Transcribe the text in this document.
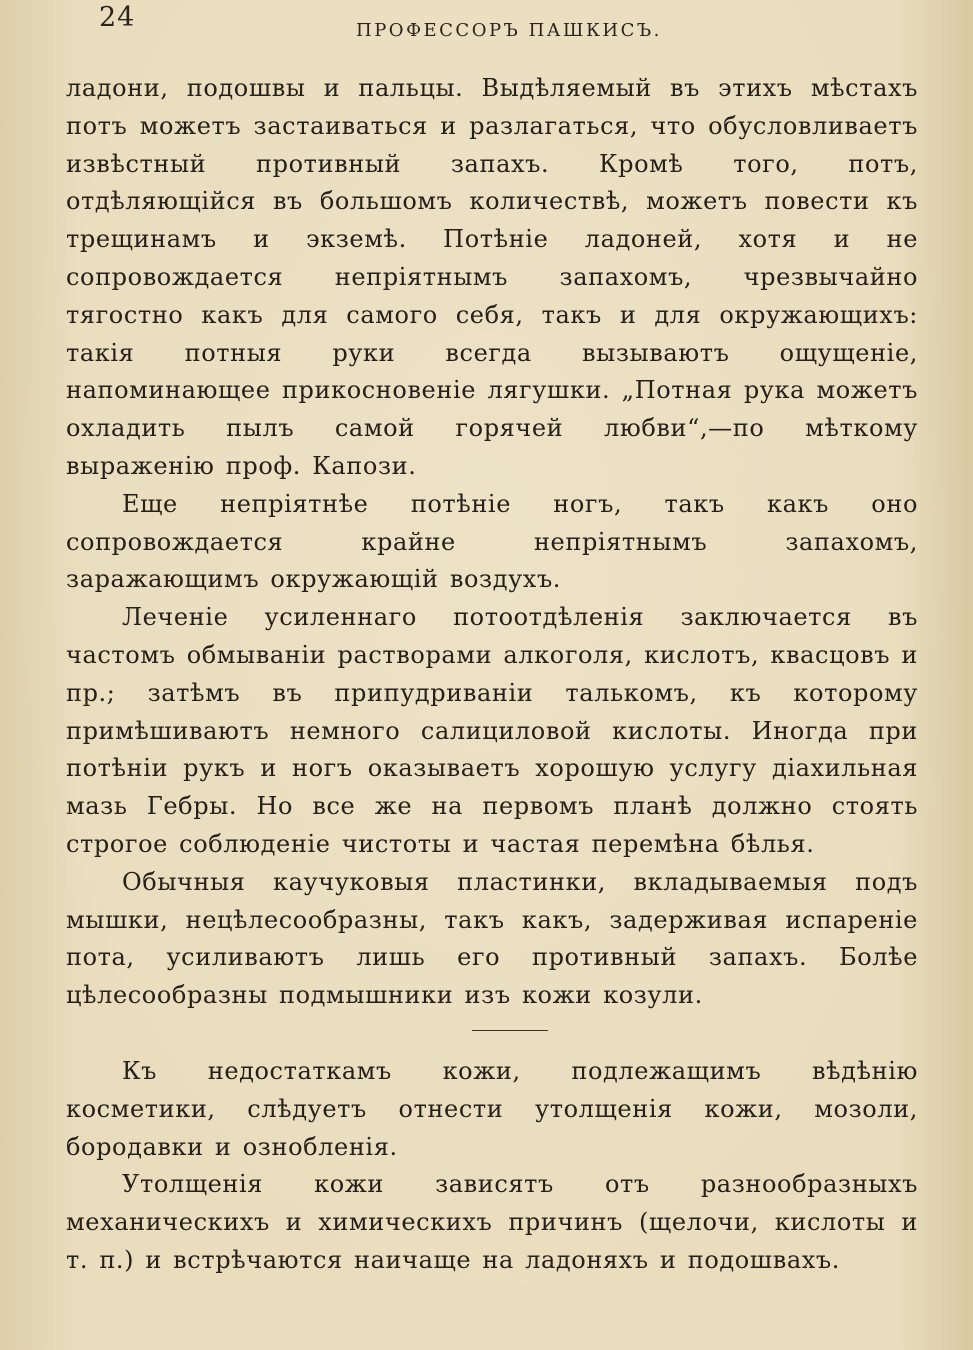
24	ПРОФЕССОРЪ ПАШКИСЪ.

ладони, подошвы и пальцы. Выдѣляемый въ этихъ мѣстахъ потъ можетъ застаиваться и разлагаться, что обусловливаетъ извѣстный противный запахъ. Кромѣ того, потъ, отдѣляющійся въ большомъ количествѣ, можетъ повести къ трещинамъ и экземѣ. Потѣніе ладоней, хотя и не сопровождается непріятнымъ запахомъ, чрезвычайно тягостно какъ для самого себя, такъ и для окружающихъ: такія потныя руки всегда вызываютъ ощущеніе, напоминающее прикосновеніе лягушки. „Потная рука можетъ охладить пылъ самой горячей любви“,—по мѣткому выраженію проф. Капози.

Еще непріятнѣе потѣніе ногъ, такъ какъ оно сопровождается крайне непріятнымъ запахомъ, заражающимъ окружающій воздухъ.

Леченіе усиленнаго потоотдѣленія заключается въ частомъ обмываніи растворами алкоголя, кислотъ, квасцовъ и пр.; затѣмъ въ припудриваніи талькомъ, къ которому примѣшиваютъ немного салициловой кислоты. Иногда при потѣніи рукъ и ногъ оказываетъ хорошую услугу діахильная мазь Гебры. Но все же на первомъ планѣ должно стоять строгое соблюденіе чистоты и частая перемѣна бѣлья.

Обычныя каучуковыя пластинки, вкладываемыя подъ мышки, нецѣлесообразны, такъ какъ, задерживая испареніе пота, усиливаютъ лишь его противный запахъ. Болѣе цѣлесообразны подмышники изъ кожи козули.

Къ недостаткамъ кожи, подлежащимъ вѣдѣнію косметики, слѣдуетъ отнести утолщенія кожи, мозоли, бородавки и ознобленія.

Утолщенія кожи зависятъ отъ разнообразныхъ механическихъ и химическихъ причинъ (щелочи, кислоты и т. п.) и встрѣчаются наичаще на ладоняхъ и подошвахъ.
